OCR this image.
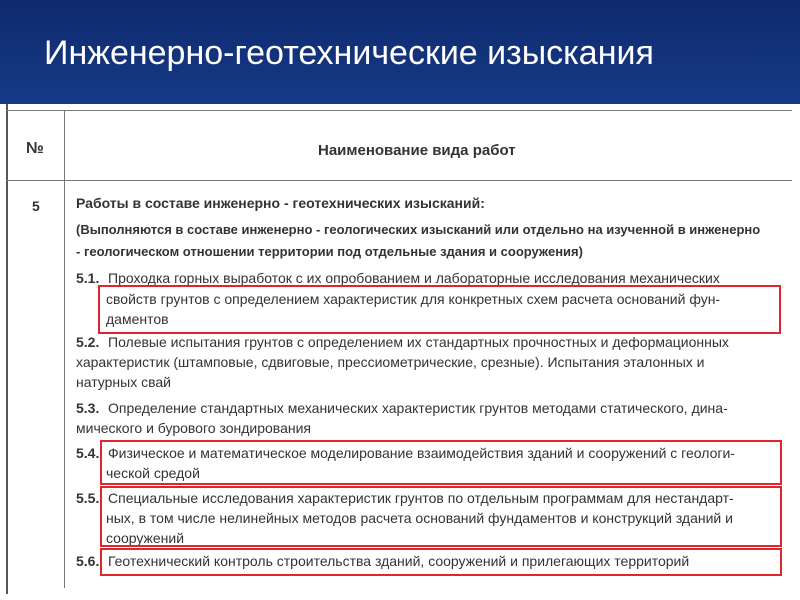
Инженерно-геотехнические изыскания
№	Наименование вида работ
5	Работы в составе инженерно - геотехнических изысканий:
(Выполняются в составе инженерно - геологических изысканий или отдельно на изученной в инженерно
- геологическом отношении территории под отдельные здания и сооружения)
5.1. Проходка горных выработок с их опробованием и лабораторные исследования механических
свойств грунтов с определением характеристик для конкретных схем расчета оснований фун-
даментов
5.2. Полевые испытания грунтов с определением их стандартных прочностных и деформационных
характеристик (штамповые, сдвиговые, прессиометрические, срезные). Испытания эталонных и
натурных свай
5.3. Определение стандартных механических характеристик грунтов методами статического, дина-
мического и бурового зондирования
5.4. Физическое и математическое моделирование взаимодействия зданий и сооружений с геологи-
ческой средой
5.5. Специальные исследования характеристик грунтов по отдельным программам для нестандарт-
ных, в том числе нелинейных методов расчета оснований фундаментов и конструкций зданий и
сооружений
5.6. Геотехнический контроль строительства зданий, сооружений и прилегающих территорий
